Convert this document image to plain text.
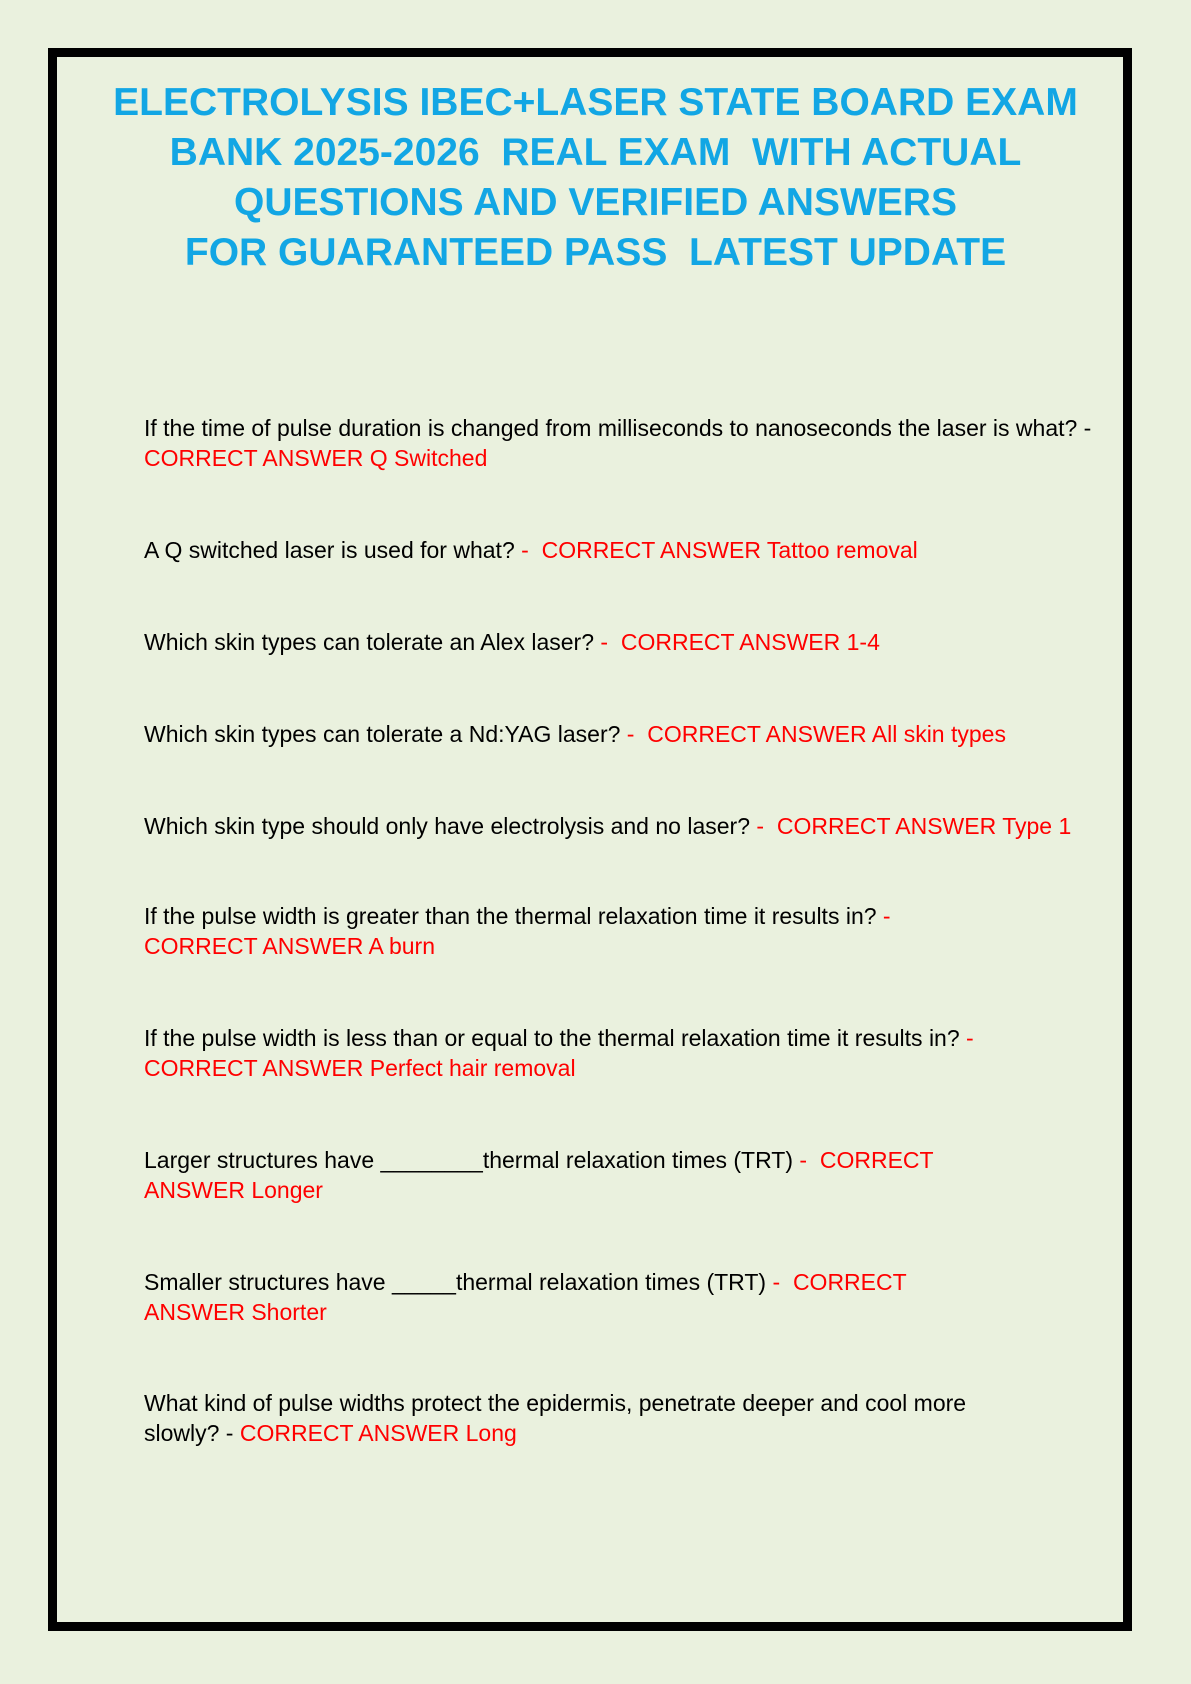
ELECTROLYSIS IBEC+LASER STATE BOARD EXAM
BANK 2025-2026  REAL EXAM  WITH ACTUAL
QUESTIONS AND VERIFIED ANSWERS
FOR GUARANTEED PASS  LATEST UPDATE

If the time of pulse duration is changed from milliseconds to nanoseconds the laser is what? -
CORRECT ANSWER Q Switched

A Q switched laser is used for what? -  CORRECT ANSWER Tattoo removal

Which skin types can tolerate an Alex laser? -  CORRECT ANSWER 1-4

Which skin types can tolerate a Nd:YAG laser? -  CORRECT ANSWER All skin types

Which skin type should only have electrolysis and no laser? -  CORRECT ANSWER Type 1

If the pulse width is greater than the thermal relaxation time it results in? -
CORRECT ANSWER A burn

If the pulse width is less than or equal to the thermal relaxation time it results in? -
CORRECT ANSWER Perfect hair removal

Larger structures have ________thermal relaxation times (TRT) -  CORRECT
ANSWER Longer

Smaller structures have _____thermal relaxation times (TRT) -  CORRECT
ANSWER Shorter

What kind of pulse widths protect the epidermis, penetrate deeper and cool more
slowly? - CORRECT ANSWER Long
